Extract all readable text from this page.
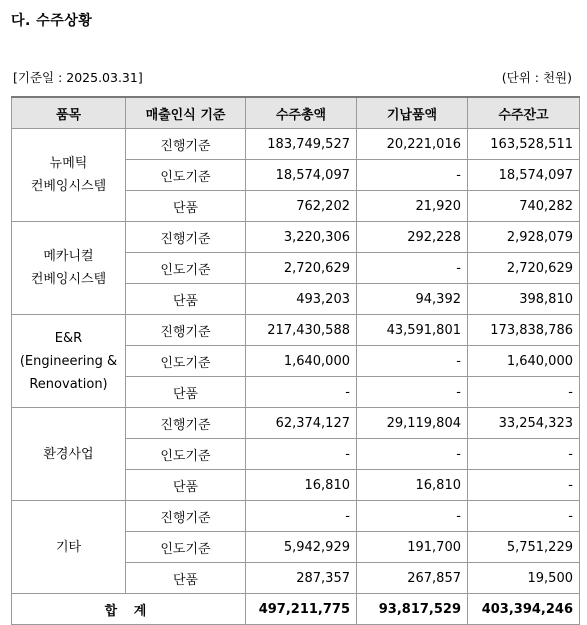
다. 수주상황
[기준일 : 2025.03.31]	(단위 : 천원)
품목	매출인식 기준	수주총액	기납품액	수주잔고

뉴메틱
컨베잉시스템	진행기준	183,749,527	20,221,016	163,528,511
	인도기준	18,574,097	-	18,574,097
	단품	762,202	21,920	740,282

메카니컬
컨베잉시스템	진행기준	3,220,306	292,228	2,928,079
	인도기준	2,720,629	-	2,720,629
	단품	493,203	94,392	398,810

E&R
(Engineering &
Renovation)	진행기준	217,430,588	43,591,801	173,838,786
	인도기준	1,640,000	-	1,640,000
	단품	-	-	-

환경사업	진행기준	62,374,127	29,119,804	33,254,323
	인도기준	-	-	-
	단품	16,810	16,810	-

기타	진행기준	-	-	-
	인도기준	5,942,929	191,700	5,751,229
	단품	287,357	267,857	19,500
합 계		497,211,775	93,817,529	403,394,246
